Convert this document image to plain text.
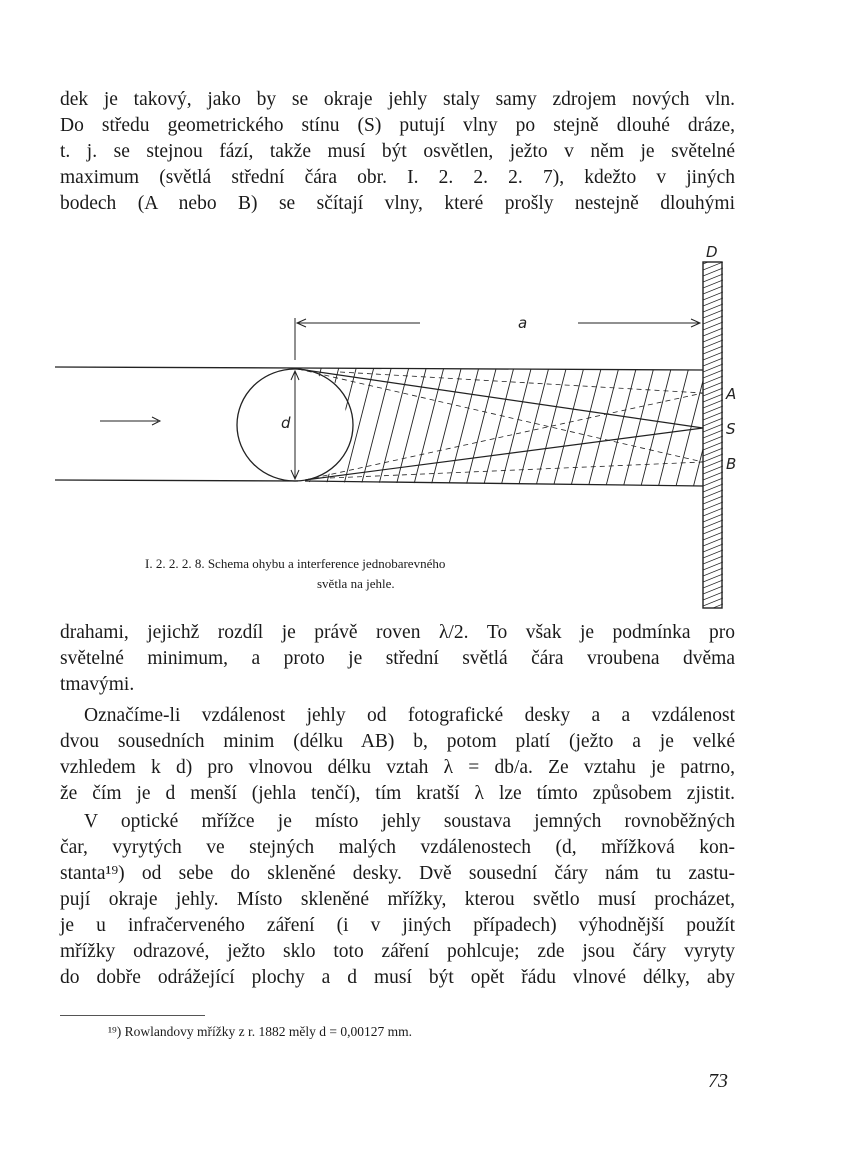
dek je takový, jako by se okraje jehly staly samy zdrojem nových vln.
Do středu geometrického stínu (S) putují vlny po stejně dlouhé dráze,
t. j. se stejnou fází, takže musí být osvětlen, ježto v něm je světelné
maximum (světlá střední čára obr. I. 2. 2. 2. 7), kdežto v jiných
bodech (A nebo B) se sčítají vlny, které prošly nestejně dlouhými
D
a
d
A
S
B
I. 2. 2. 2. 8. Schema ohybu a interference jednobarevného
světla na jehle.
drahami, jejichž rozdíl je právě roven λ/2. To však je podmínka pro
světelné minimum, a proto je střední světlá čára vroubena dvěma
tmavými.
Označíme-li vzdálenost jehly od fotografické desky a a vzdálenost
dvou sousedních minim (délku AB) b, potom platí (ježto a je velké
vzhledem k d) pro vlnovou délku vztah λ = db/a. Ze vztahu je patrno,
že čím je d menší (jehla tenčí), tím kratší λ lze tímto způsobem zjistit.
V optické mřížce je místo jehly soustava jemných rovnoběžných
čar, vyrytých ve stejných malých vzdálenostech (d, mřížková kon-
stanta¹⁹) od sebe do skleněné desky. Dvě sousední čáry nám tu zastu-
pují okraje jehly. Místo skleněné mřížky, kterou světlo musí procházet,
je u infračerveného záření (i v jiných případech) výhodnější použít
mřížky odrazové, ježto sklo toto záření pohlcuje; zde jsou čáry vyryty
do dobře odrážející plochy a d musí být opět řádu vlnové délky, aby
¹⁹) Rowlandovy mřížky z r. 1882 měly d = 0,00127 mm.
73
